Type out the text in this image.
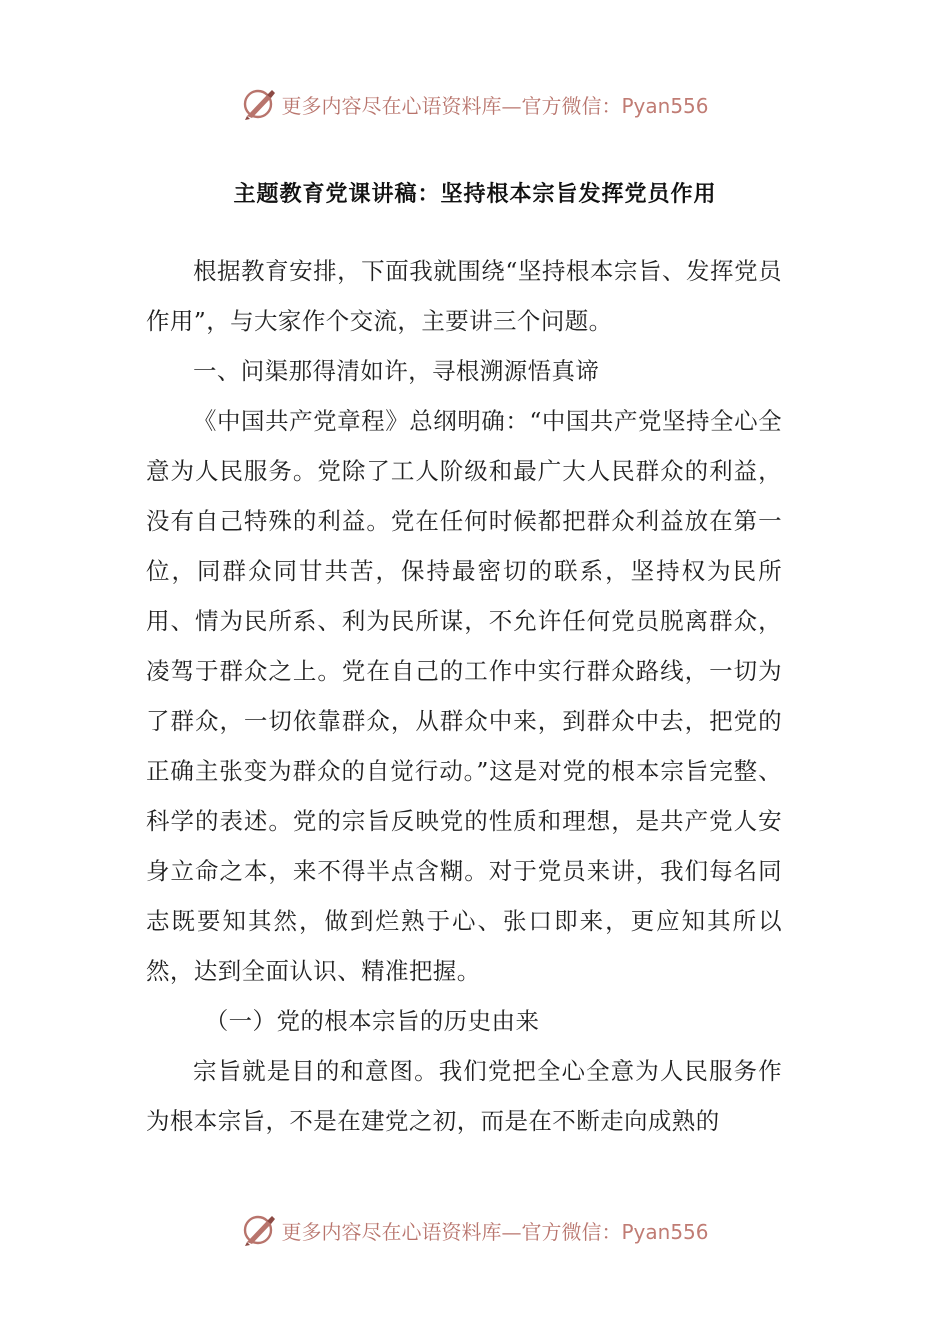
更多内容尽在心语资料库—官方微信：Pyan556
主题教育党课讲稿：坚持根本宗旨发挥党员作用

根据教育安排，下面我就围绕“坚持根本宗旨、发挥党员作用”，与大家作个交流，主要讲三个问题。

一、问渠那得清如许，寻根溯源悟真谛

《中国共产党章程》总纲明确：“中国共产党坚持全心全意为人民服务。党除了工人阶级和最广大人民群众的利益，没有自己特殊的利益。党在任何时候都把群众利益放在第一位，同群众同甘共苦，保持最密切的联系，坚持权为民所用、情为民所系、利为民所谋，不允许任何党员脱离群众，凌驾于群众之上。党在自己的工作中实行群众路线，一切为了群众，一切依靠群众，从群众中来，到群众中去，把党的正确主张变为群众的自觉行动。”这是对党的根本宗旨完整、科学的表述。党的宗旨反映党的性质和理想，是共产党人安身立命之本，来不得半点含糊。对于党员来讲，我们每名同志既要知其然，做到烂熟于心、张口即来，更应知其所以然，达到全面认识、精准把握。

（一）党的根本宗旨的历史由来

宗旨就是目的和意图。我们党把全心全意为人民服务作为根本宗旨，不是在建党之初，而是在不断走向成熟的

更多内容尽在心语资料库—官方微信：Pyan556
